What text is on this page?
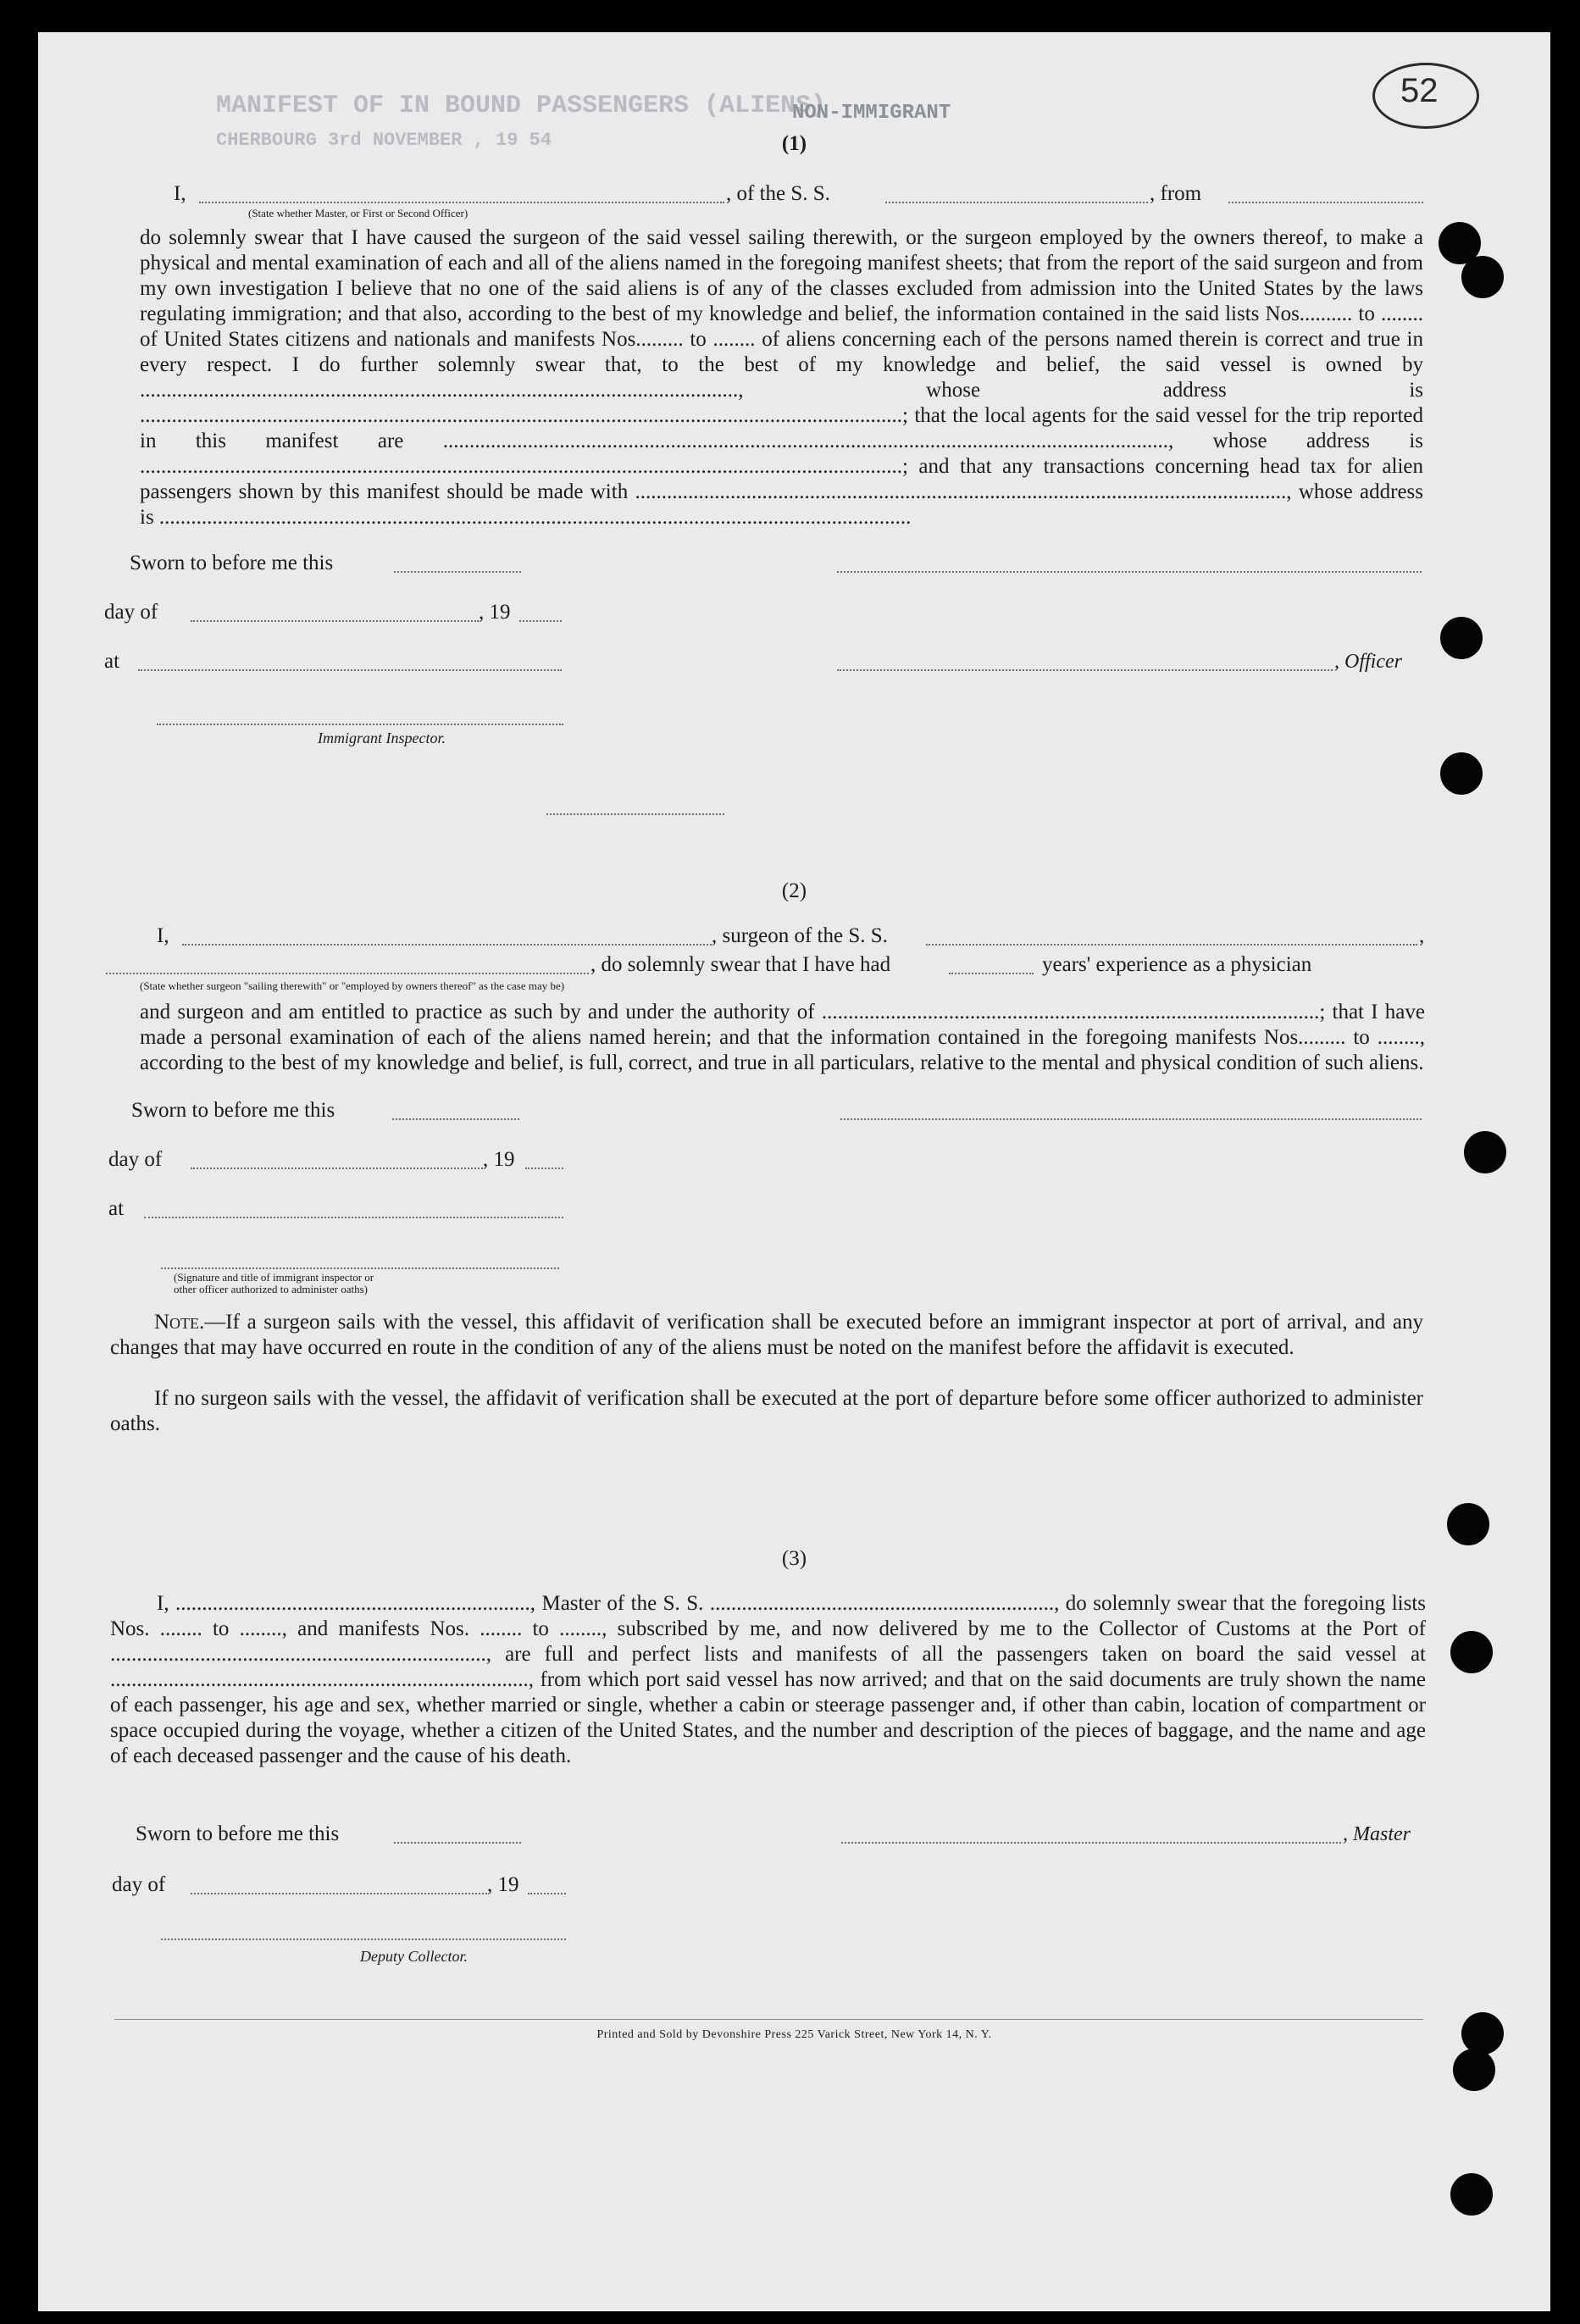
MANIFEST OF IN BOUND PASSENGERS (ALIENS)
CHERBOURG 3rd NOVEMBER , 19 54
NON-IMMIGRANT
52
(1)
I,	, of the S. S.	, from
(State whether Master, or First or Second Officer)
do solemnly swear that I have caused the surgeon of the said vessel sailing therewith, or the surgeon employed by the owners thereof, to make a physical and mental examination of each and all of the aliens named in the foregoing manifest sheets; that from the report of the said surgeon and from my own investigation I believe that no one of the said aliens is of any of the classes excluded from admission into the United States by the laws regulating immigration; and that also, according to the best of my knowledge and belief, the information contained in the said lists Nos.......... to ........ of United States citizens and nationals and manifests Nos......... to ........ of aliens concerning each of the persons named therein is correct and true in every respect. I do further solemnly swear that, to the best of my knowledge and belief, the said vessel is owned by ................................................................................................................., whose address is ................................................................................................................................................; that the local agents for the said vessel for the trip reported in this manifest are ........................................................................................................................................., whose address is ................................................................................................................................................; and that any transactions concerning head tax for alien passengers shown by this manifest should be made with ..........................................................................................................................., whose address is ..............................................................................................................................................
Sworn to before me this
day of	, 19
at	, Officer
Immigrant Inspector.
(2)
I,	, surgeon of the S. S.	,
, do solemnly swear that I have had	years' experience as a physician
(State whether surgeon "sailing therewith" or "employed by owners thereof" as the case may be)
and surgeon and am entitled to practice as such by and under the authority of ..............................................................................................; that I have made a personal examination of each of the aliens named herein; and that the information contained in the foregoing manifests Nos......... to ........, according to the best of my knowledge and belief, is full, correct, and true in all particulars, relative to the mental and physical condition of such aliens.
Sworn to before me this
day of	, 19
at
(Signature and title of immigrant inspector or
other officer authorized to administer oaths)
Note.—If a surgeon sails with the vessel, this affidavit of verification shall be executed before an immigrant inspector at port of arrival, and any changes that may have occurred en route in the condition of any of the aliens must be noted on the manifest before the affidavit is executed.
If no surgeon sails with the vessel, the affidavit of verification shall be executed at the port of departure before some officer authorized to administer oaths.
(3)
I, ..................................................................., Master of the S. S. ................................................................., do solemnly swear that the foregoing lists Nos. ........ to ........, and manifests Nos. ........ to ........, subscribed by me, and now delivered by me to the Collector of Customs at the Port of ......................................................................., are full and perfect lists and manifests of all the passengers taken on board the said vessel at ..............................................................................., from which port said vessel has now arrived; and that on the said documents are truly shown the name of each passenger, his age and sex, whether married or single, whether a cabin or steerage passenger and, if other than cabin, location of compartment or space occupied during the voyage, whether a citizen of the United States, and the number and description of the pieces of baggage, and the name and age of each deceased passenger and the cause of his death.
Sworn to before me this	, Master
day of	, 19
Deputy Collector.
Printed and Sold by Devonshire Press 225 Varick Street, New York 14, N. Y.
